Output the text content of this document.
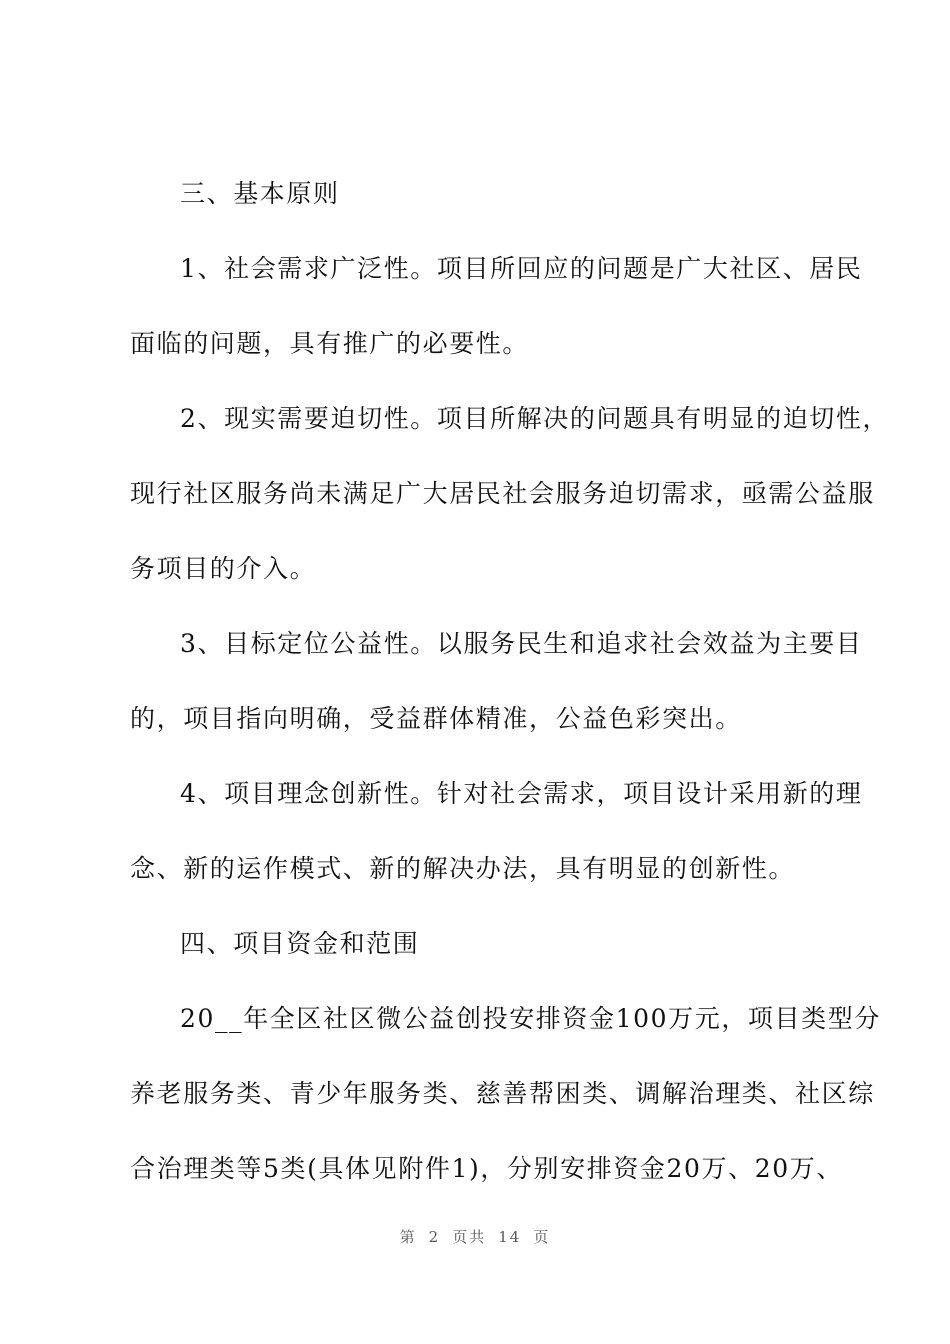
三、基本原则
1、社会需求广泛性。项目所回应的问题是广大社区、居民
面临的问题，具有推广的必要性。
2、现实需要迫切性。项目所解决的问题具有明显的迫切性，
现行社区服务尚未满足广大居民社会服务迫切需求，亟需公益服
务项目的介入。
3、目标定位公益性。以服务民生和追求社会效益为主要目
的，项目指向明确，受益群体精准，公益色彩突出。
4、项目理念创新性。针对社会需求，项目设计采用新的理
念、新的运作模式、新的解决办法，具有明显的创新性。
四、项目资金和范围
20__年全区社区微公益创投安排资金100万元，项目类型分
养老服务类、青少年服务类、慈善帮困类、调解治理类、社区综
合治理类等5类(具体见附件1)，分别安排资金20万、20万、
第 2 页共 14 页
